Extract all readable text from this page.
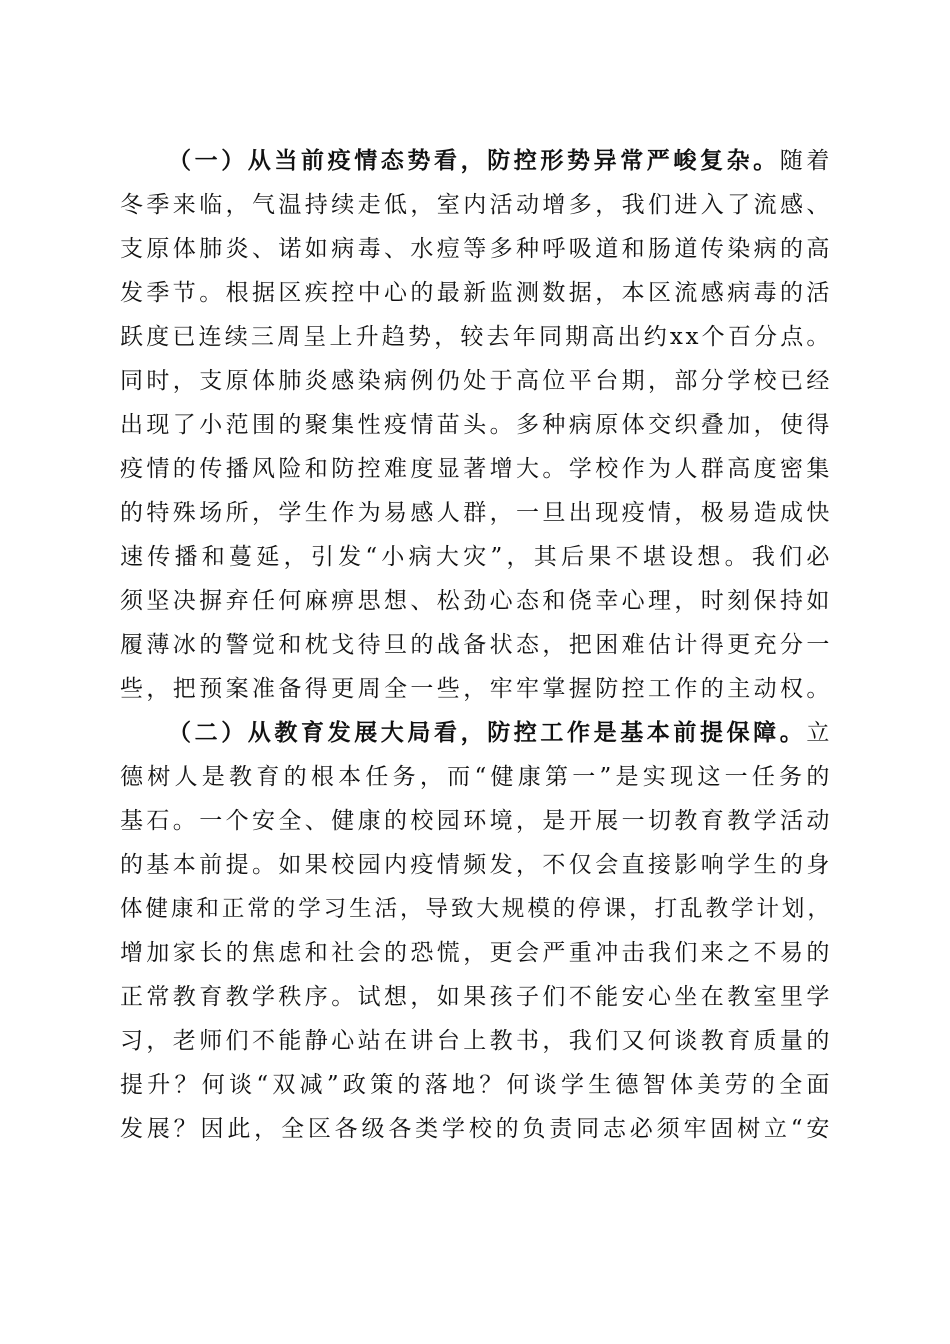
（一）从当前疫情态势看，防控形势异常严峻复杂。随着
冬季来临，气温持续走低，室内活动增多，我们进入了流感、
支原体肺炎、诺如病毒、水痘等多种呼吸道和肠道传染病的高
发季节。根据区疾控中心的最新监测数据，本区流感病毒的活
跃度已连续三周呈上升趋势，较去年同期高出约xx个百分点。
同时，支原体肺炎感染病例仍处于高位平台期，部分学校已经
出现了小范围的聚集性疫情苗头。多种病原体交织叠加，使得
疫情的传播风险和防控难度显著增大。学校作为人群高度密集
的特殊场所，学生作为易感人群，一旦出现疫情，极易造成快
速传播和蔓延，引发“小病大灾”，其后果不堪设想。我们必
须坚决摒弃任何麻痹思想、松劲心态和侥幸心理，时刻保持如
履薄冰的警觉和枕戈待旦的战备状态，把困难估计得更充分一
些，把预案准备得更周全一些，牢牢掌握防控工作的主动权。
（二）从教育发展大局看，防控工作是基本前提保障。立
德树人是教育的根本任务，而“健康第一”是实现这一任务的
基石。一个安全、健康的校园环境，是开展一切教育教学活动
的基本前提。如果校园内疫情频发，不仅会直接影响学生的身
体健康和正常的学习生活，导致大规模的停课，打乱教学计划，
增加家长的焦虑和社会的恐慌，更会严重冲击我们来之不易的
正常教育教学秩序。试想，如果孩子们不能安心坐在教室里学
习，老师们不能静心站在讲台上教书，我们又何谈教育质量的
提升？何谈“双减”政策的落地？何谈学生德智体美劳的全面
发展？因此，全区各级各类学校的负责同志必须牢固树立“安
